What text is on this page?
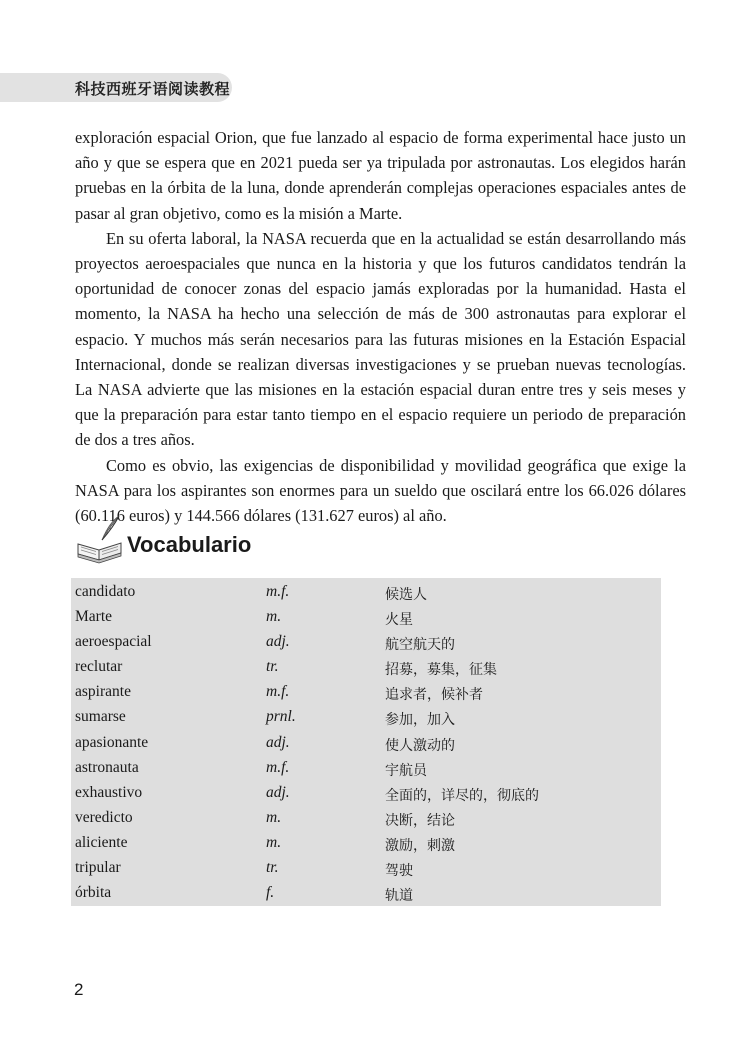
科技西班牙语阅读教程

exploración espacial Orion, que fue lanzado al espacio de forma experimental hace justo un año y que se espera que en 2021 pueda ser ya tripulada por astronautas. Los elegidos harán pruebas en la órbita de la luna, donde aprenderán complejas operaciones espaciales antes de pasar al gran objetivo, como es la misión a Marte.

En su oferta laboral, la NASA recuerda que en la actualidad se están desarrollando más proyectos aeroespaciales que nunca en la historia y que los futuros candidatos tendrán la oportunidad de conocer zonas del espacio jamás exploradas por la humanidad. Hasta el momento, la NASA ha hecho una selección de más de 300 astronautas para explorar el espacio. Y muchos más serán necesarios para las futuras misiones en la Estación Espacial Internacional, donde se realizan diversas investigaciones y se prueban nuevas tecnologías. La NASA advierte que las misiones en la estación espacial duran entre tres y seis meses y que la preparación para estar tanto tiempo en el espacio requiere un periodo de preparación de dos a tres años.

Como es obvio, las exigencias de disponibilidad y movilidad geográfica que exige la NASA para los aspirantes son enormes para un sueldo que oscilará entre los 66.026 dólares (60.116 euros) y 144.566 dólares (131.627 euros) al año.

Vocabulario
candidato	m.f.	候选人
Marte	m.	火星
aeroespacial	adj.	航空航天的
reclutar	tr.	招募，募集，征集
aspirante	m.f.	追求者，候补者
sumarse	prnl.	参加，加入
apasionante	adj.	使人激动的
astronauta	m.f.	宇航员
exhaustivo	adj.	全面的，详尽的，彻底的
veredicto	m.	决断，结论
aliciente	m.	激励，刺激
tripular	tr.	驾驶
órbita	f.	轨道
2
